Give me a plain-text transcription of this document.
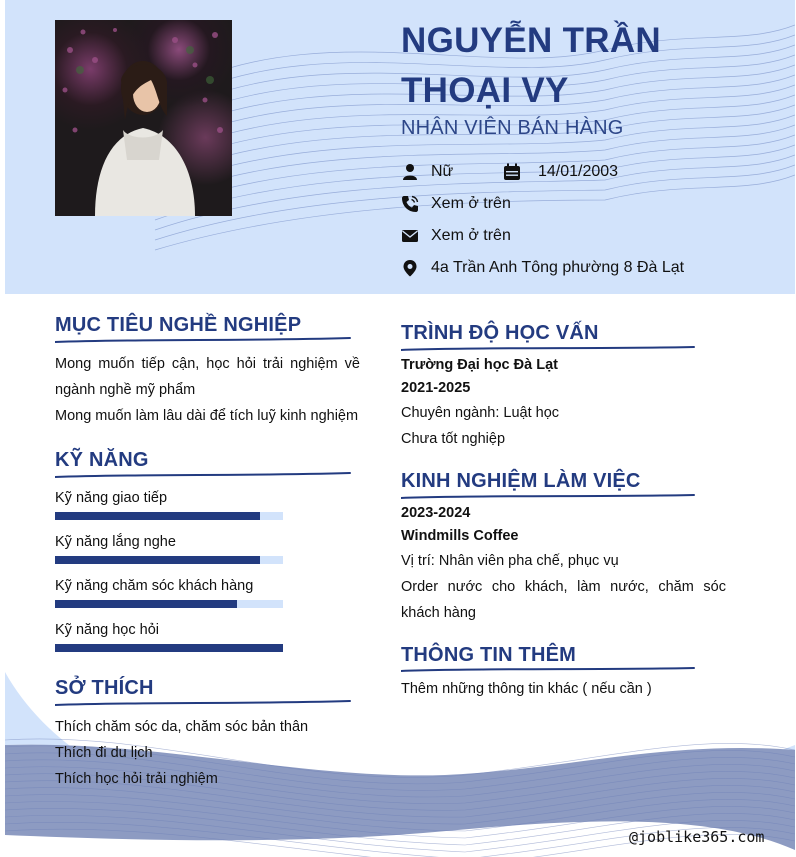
NGUYỄN TRẦN THOẠI VY
NHÂN VIÊN BÁN HÀNG
Nữ	14/01/2003
Xem ở trên
Xem ở trên
4a Trần Anh Tông phường 8 Đà Lạt
MỤC TIÊU NGHỀ NGHIỆP
Mong muốn tiếp cận, học hỏi trải nghiệm về ngành nghề mỹ phẩm
Mong muốn làm lâu dài để tích luỹ kinh nghiệm
KỸ NĂNG
Kỹ năng giao tiếp
Kỹ năng lắng nghe
Kỹ năng chăm sóc khách hàng
Kỹ năng học hỏi
SỞ THÍCH
Thích chăm sóc da, chăm sóc bản thân
Thích đi du lịch
Thích học hỏi trải nghiệm
TRÌNH ĐỘ HỌC VẤN
Trường Đại học Đà Lạt
2021-2025
Chuyên ngành: Luật học
Chưa tốt nghiệp
KINH NGHIỆM LÀM VIỆC
2023-2024
Windmills Coffee
Vị trí: Nhân viên pha chế, phục vụ
Order nước cho khách, làm nước, chăm sóc khách hàng
THÔNG TIN THÊM
Thêm những thông tin khác ( nếu cần )
@joblike365.com
